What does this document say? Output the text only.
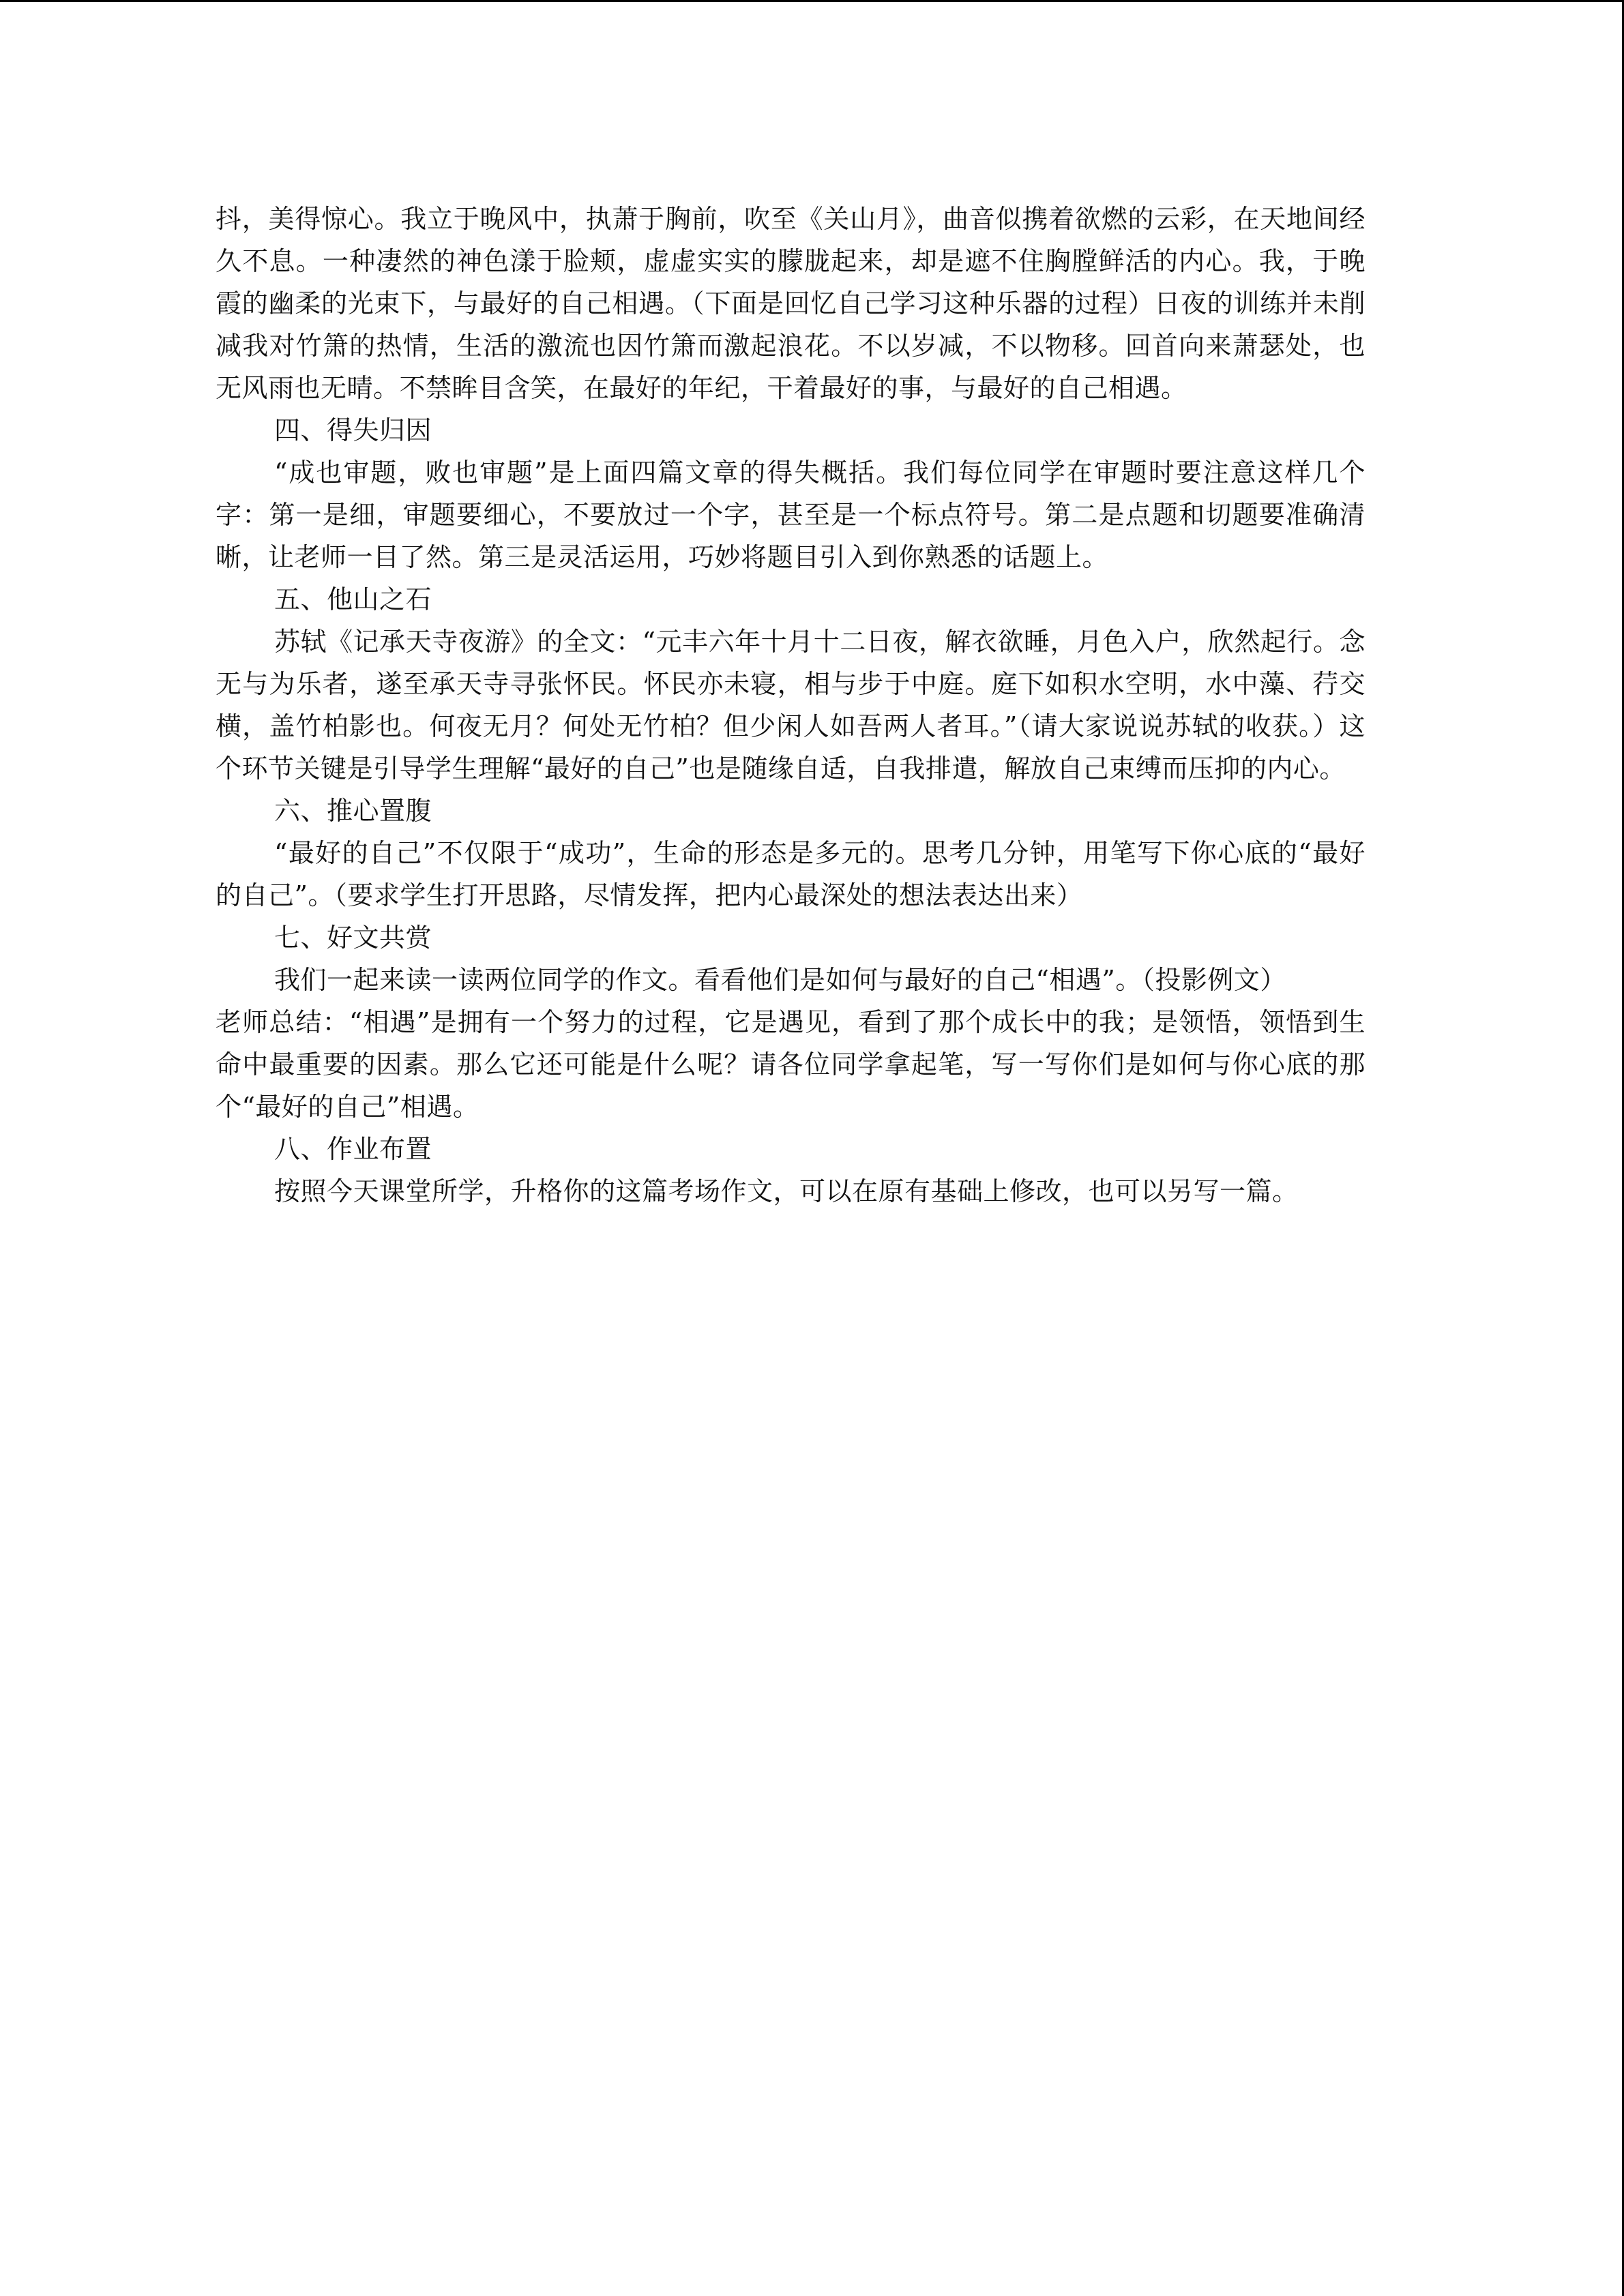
抖，美得惊心。我立于晚风中，执萧于胸前，吹至《关山月》，曲音似携着欲燃的云彩，在天地间经久不息。一种凄然的神色漾于脸颊，虚虚实实的朦胧起来，却是遮不住胸膛鲜活的内心。我，于晚霞的幽柔的光束下，与最好的自己相遇。（下面是回忆自己学习这种乐器的过程）日夜的训练并未削减我对竹箫的热情，生活的激流也因竹箫而激起浪花。不以岁减，不以物移。回首向来萧瑟处，也无风雨也无晴。不禁眸目含笑，在最好的年纪，干着最好的事，与最好的自己相遇。

四、得失归因

“成也审题，败也审题”是上面四篇文章的得失概括。我们每位同学在审题时要注意这样几个字：第一是细，审题要细心，不要放过一个字，甚至是一个标点符号。第二是点题和切题要准确清晰，让老师一目了然。第三是灵活运用，巧妙将题目引入到你熟悉的话题上。

五、他山之石

苏轼《记承天寺夜游》的全文：“元丰六年十月十二日夜，解衣欲睡，月色入户，欣然起行。念无与为乐者，遂至承天寺寻张怀民。怀民亦未寝，相与步于中庭。庭下如积水空明，水中藻、荇交横，盖竹柏影也。何夜无月？何处无竹柏？但少闲人如吾两人者耳。”（请大家说说苏轼的收获。）这个环节关键是引导学生理解“最好的自己”也是随缘自适，自我排遣，解放自己束缚而压抑的内心。

六、推心置腹

“最好的自己”不仅限于“成功”，生命的形态是多元的。思考几分钟，用笔写下你心底的“最好的自己”。（要求学生打开思路，尽情发挥，把内心最深处的想法表达出来）

七、好文共赏

我们一起来读一读两位同学的作文。看看他们是如何与最好的自己“相遇”。（投影例文）

老师总结：“相遇”是拥有一个努力的过程，它是遇见，看到了那个成长中的我；是领悟，领悟到生命中最重要的因素。那么它还可能是什么呢？请各位同学拿起笔，写一写你们是如何与你心底的那个“最好的自己”相遇。

八、作业布置

按照今天课堂所学，升格你的这篇考场作文，可以在原有基础上修改，也可以另写一篇。
